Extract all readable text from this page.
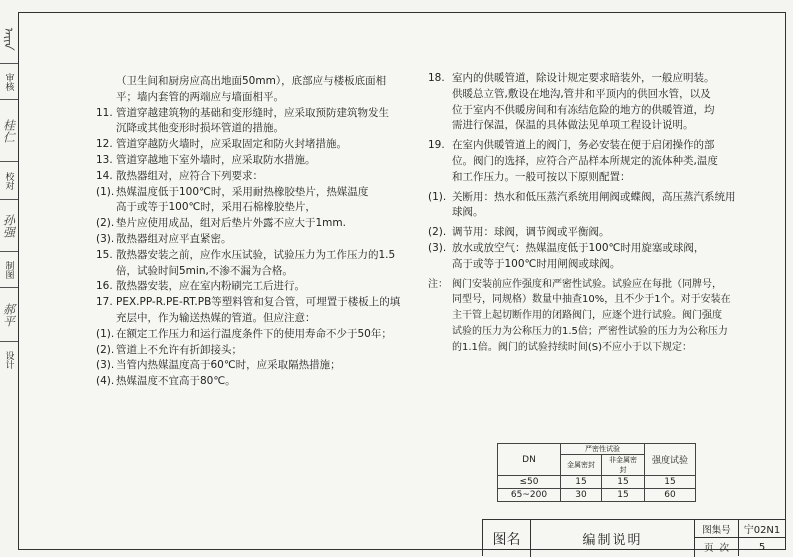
ᠠᠢᠨ
审核
桂仁
校对
孙强
制图
郝平
设计
（卫生间和厨房应高出地面50mm），底部应与楼板底面相
平；墙内套管的两端应与墙面相平。
11. 管道穿越建筑物的基础和变形缝时，应采取预防建筑物发生
沉降或其他变形时损坏管道的措施。
12. 管道穿越防火墙时，应采取固定和防火封堵措施。
13. 管道穿越地下室外墙时，应采取防水措施。
14. 散热器组对，应符合下列要求：
(1). 热媒温度低于100℃时，采用耐热橡胶垫片，热媒温度
高于或等于100℃时，采用石棉橡胶垫片，
(2). 垫片应使用成品，组对后垫片外露不应大于1mm.
(3). 散热器组对应平直紧密。
15. 散热器安装之前，应作水压试验，试验压力为工作压力的1.5
倍，试验时间5min,不渗不漏为合格。
16. 散热器安装，应在室内粉刷完工后进行。
17. PEX.PP-R.PE-RT.PB等塑料管和复合管，可埋置于楼板上的填
充层中，作为输送热媒的管道。但应注意：
(1). 在额定工作压力和运行温度条件下的使用寿命不少于50年；
(2). 管道上不允许有折卸接头；
(3). 当管内热媒温度高于60℃时，应采取隔热措施；
(4). 热媒温度不宜高于80℃。
18. 室内的供暖管道，除设计规定要求暗装外，一般应明装。
供暖总立管,敷设在地沟,管井和平顶内的供回水管，以及
位于室内不供暖房间和有冻结危险的地方的供暖管道，均
需进行保温，保温的具体做法见单项工程设计说明。
19. 在室内供暖管道上的阀门，务必安装在便于启闭操作的部
位。阀门的选择，应符合产品样本所规定的流体种类,温度
和工作压力。一般可按以下原则配置：
(1). 关断用：热水和低压蒸汽系统用闸阀或蝶阀，高压蒸汽系统用
球阀。
(2). 调节用：球阀，调节阀或平衡阀。
(3). 放水或放空气：热媒温度低于100℃时用旋塞或球阀，
高于或等于100℃时用闸阀或球阀。
注： 阀门安装前应作强度和严密性试验。试验应在每批（同牌号，
同型号，同规格）数量中抽查10%，且不少于1个。对于安装在
主干管上起切断作用的闭路阀门，应逐个进行试验。阀门强度
试验的压力为公称压力的1.5倍；严密性试验的压力为公称压力
的1.1倍。阀门的试验持续时间(S)不应小于以下规定：
DN	严密性试验		强度试验
	金属密封	非金属密封	
≤50	15	15	15
65~200	30	15	60
图名	编制说明
图集号	宁02N1
页  次	5
